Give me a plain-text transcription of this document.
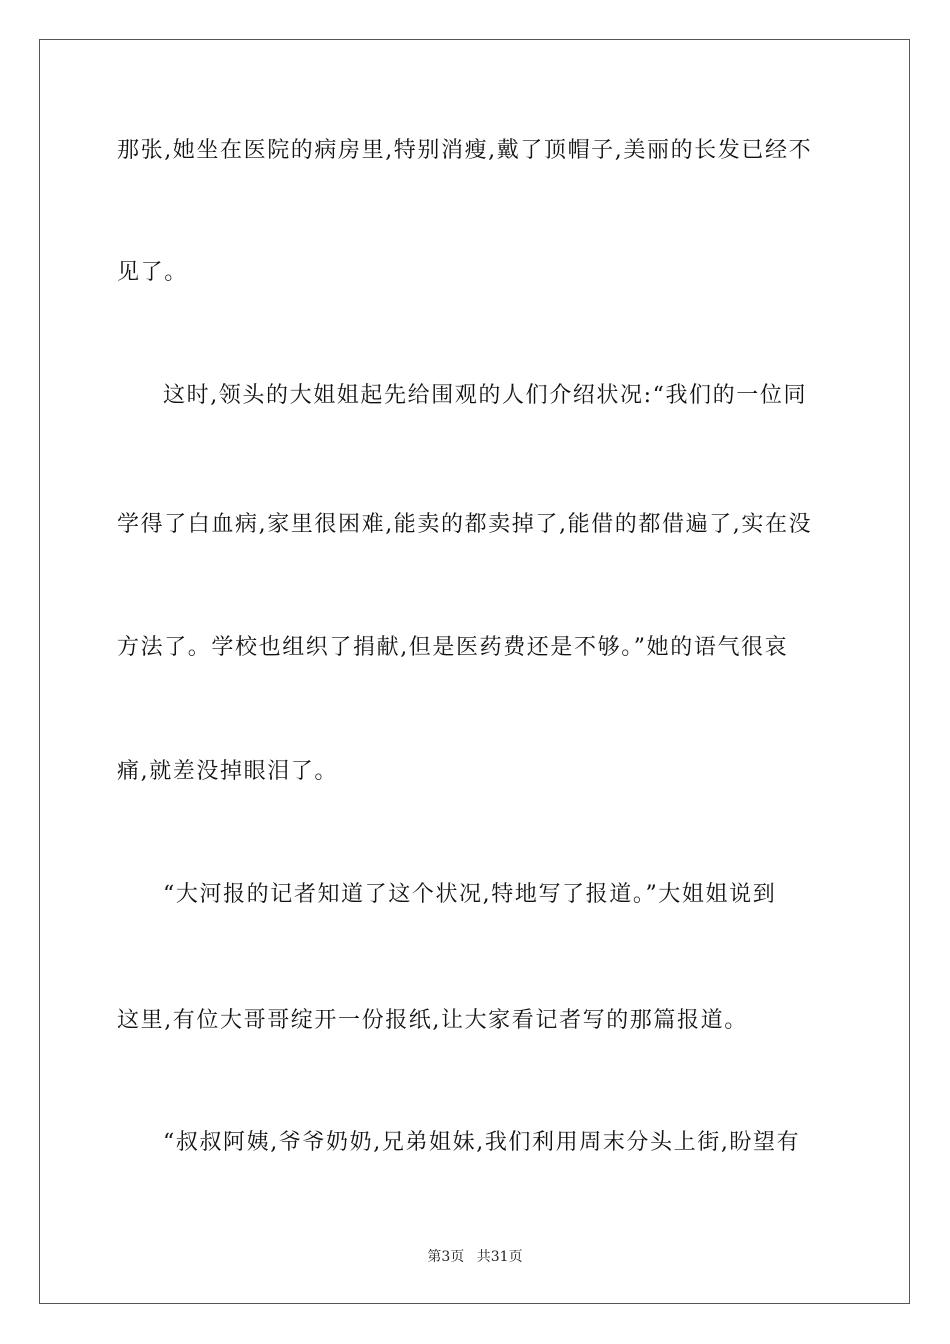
那张,她坐在医院的病房里,特别消瘦,戴了顶帽子,美丽的长发已经不
见了。
这时,领头的大姐姐起先给围观的人们介绍状况:“我们的一位同
学得了白血病,家里很困难,能卖的都卖掉了,能借的都借遍了,实在没
方法了。学校也组织了捐献,但是医药费还是不够。”她的语气很哀
痛,就差没掉眼泪了。
“大河报的记者知道了这个状况,特地写了报道。”大姐姐说到
这里,有位大哥哥绽开一份报纸,让大家看记者写的那篇报道。
“叔叔阿姨,爷爷奶奶,兄弟姐妹,我们利用周末分头上街,盼望有
第3页 共31页
